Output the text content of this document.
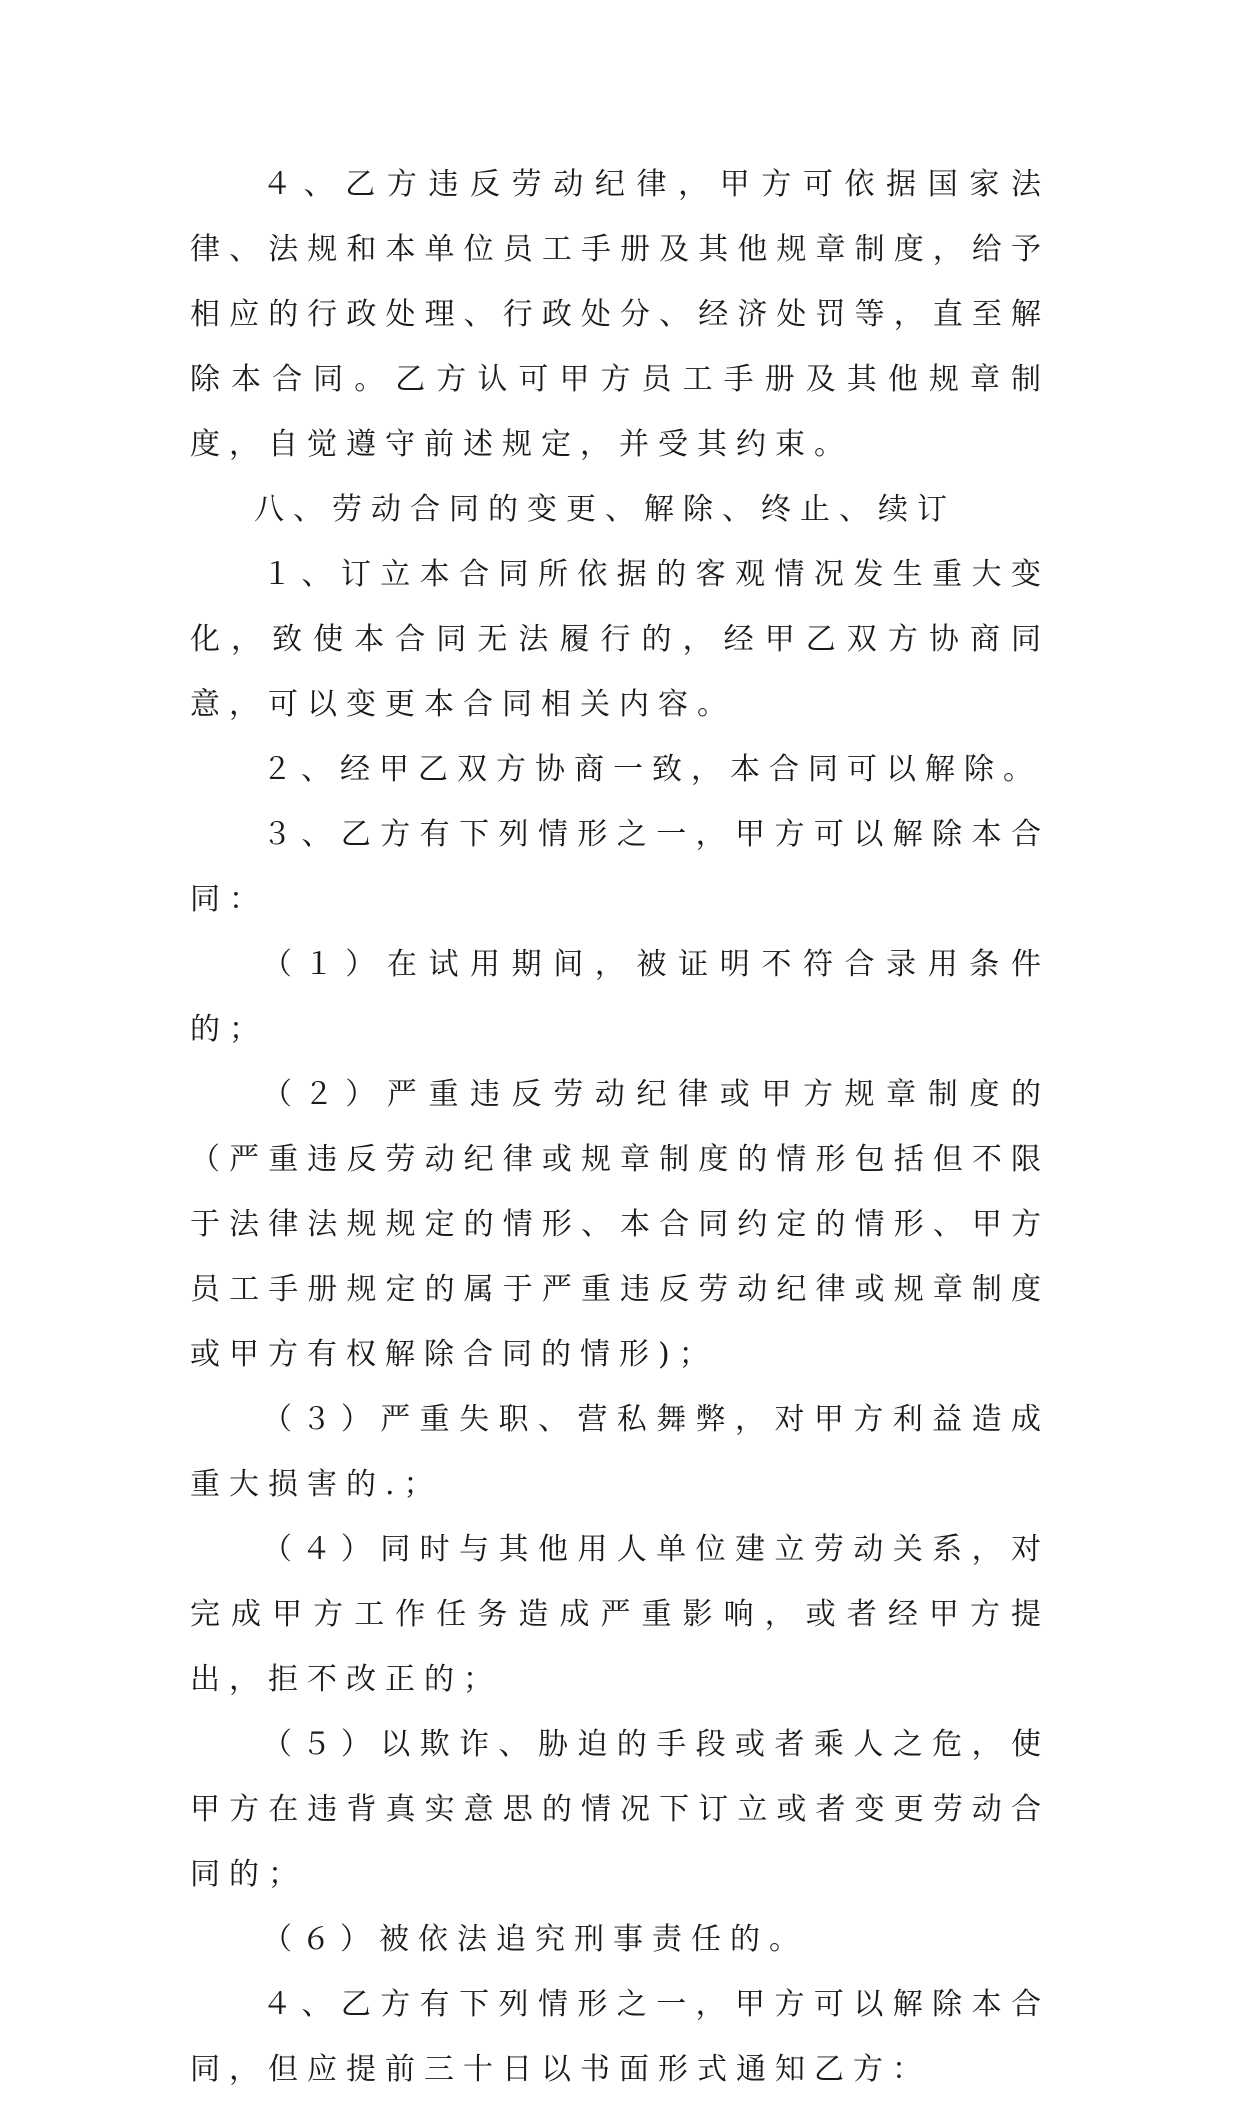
４、乙方违反劳动纪律，甲方可依据国家法律、法规和本单位员工手册及其他规章制度，给予相应的行政处理、行政处分、经济处罚等，直至解除本合同。乙方认可甲方员工手册及其他规章制度，自觉遵守前述规定，并受其约束。

八、劳动合同的变更、解除、终止、续订

１、订立本合同所依据的客观情况发生重大变化，致使本合同无法履行的，经甲乙双方协商同意，可以变更本合同相关内容。

２、经甲乙双方协商一致，本合同可以解除。

３、乙方有下列情形之一，甲方可以解除本合同：

（１）在试用期间，被证明不符合录用条件的；

（２）严重违反劳动纪律或甲方规章制度的（严重违反劳动纪律或规章制度的情形包括但不限于法律法规规定的情形、本合同约定的情形、甲方员工手册规定的属于严重违反劳动纪律或规章制度或甲方有权解除合同的情形)；

（３）严重失职、营私舞弊，对甲方利益造成重大损害的.；

（４）同时与其他用人单位建立劳动关系，对完成甲方工作任务造成严重影响，或者经甲方提出，拒不改正的；

（５）以欺诈、胁迫的手段或者乘人之危，使甲方在违背真实意思的情况下订立或者变更劳动合同的；

（６）被依法追究刑事责任的。

４、乙方有下列情形之一，甲方可以解除本合同，但应提前三十日以书面形式通知乙方：
